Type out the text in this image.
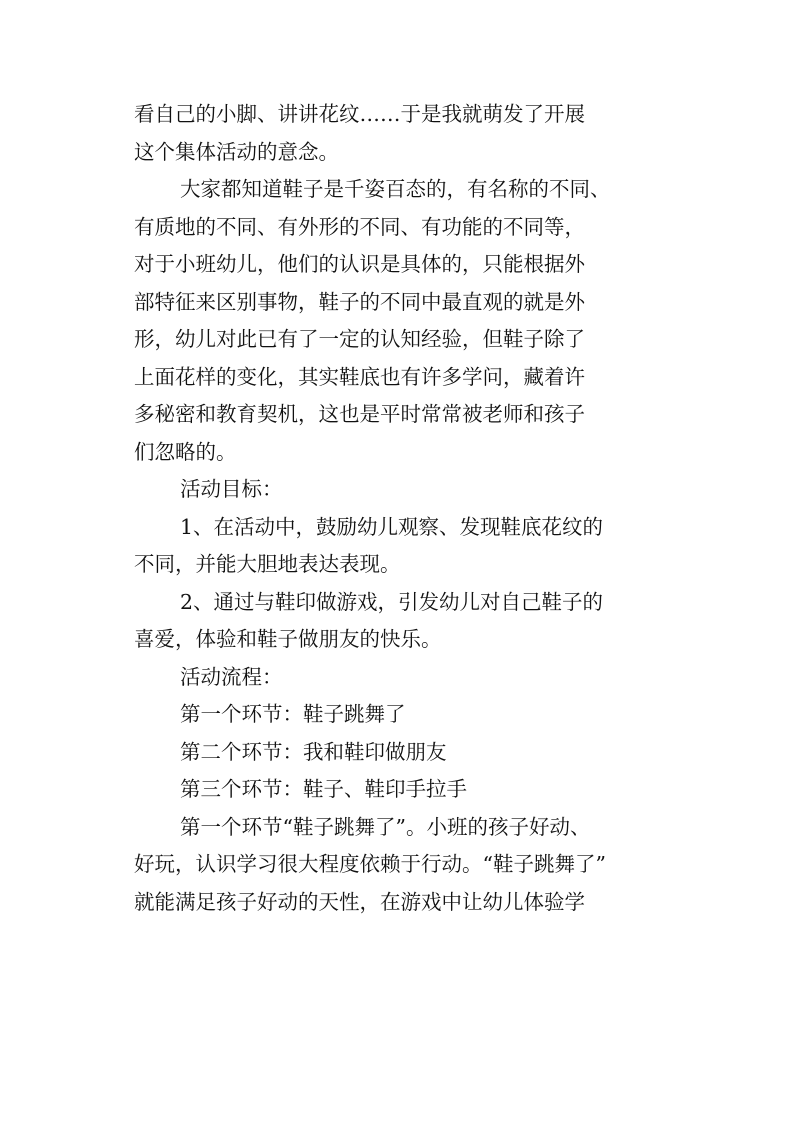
看自己的小脚、讲讲花纹……于是我就萌发了开展
这个集体活动的意念。
大家都知道鞋子是千姿百态的，有名称的不同、
有质地的不同、有外形的不同、有功能的不同等，
对于小班幼儿，他们的认识是具体的，只能根据外
部特征来区别事物，鞋子的不同中最直观的就是外
形，幼儿对此已有了一定的认知经验，但鞋子除了
上面花样的变化，其实鞋底也有许多学问，藏着许
多秘密和教育契机，这也是平时常常被老师和孩子
们忽略的。
活动目标：
1、在活动中，鼓励幼儿观察、发现鞋底花纹的
不同，并能大胆地表达表现。
2、通过与鞋印做游戏，引发幼儿对自己鞋子的
喜爱，体验和鞋子做朋友的快乐。
活动流程：
第一个环节：鞋子跳舞了
第二个环节：我和鞋印做朋友
第三个环节：鞋子、鞋印手拉手
第一个环节“鞋子跳舞了”。小班的孩子好动、
好玩，认识学习很大程度依赖于行动。“鞋子跳舞了”
就能满足孩子好动的天性，在游戏中让幼儿体验学
